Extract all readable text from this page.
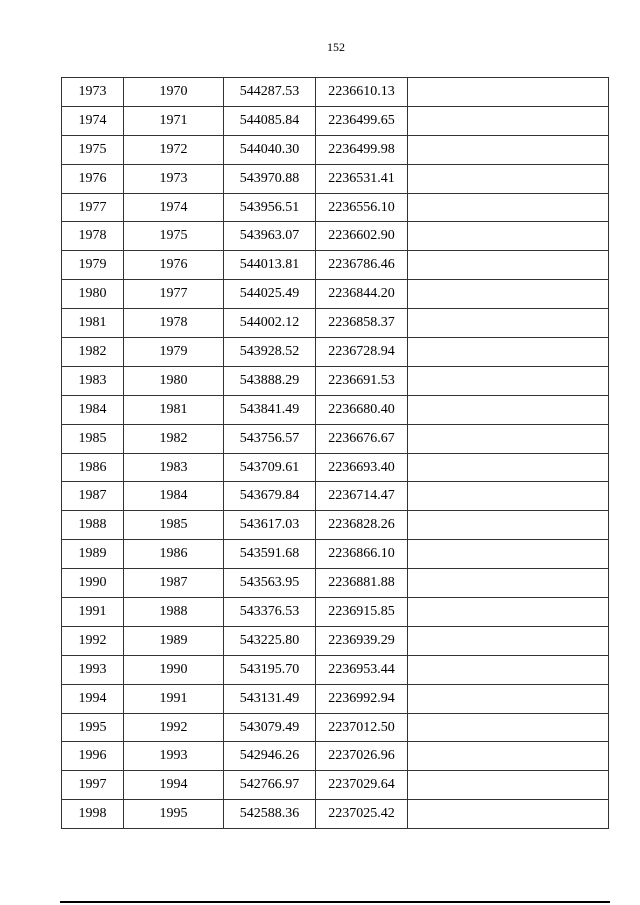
152
1973	1970	544287.53	2236610.13	
1974	1971	544085.84	2236499.65	
1975	1972	544040.30	2236499.98	
1976	1973	543970.88	2236531.41	
1977	1974	543956.51	2236556.10	
1978	1975	543963.07	2236602.90	
1979	1976	544013.81	2236786.46	
1980	1977	544025.49	2236844.20	
1981	1978	544002.12	2236858.37	
1982	1979	543928.52	2236728.94	
1983	1980	543888.29	2236691.53	
1984	1981	543841.49	2236680.40	
1985	1982	543756.57	2236676.67	
1986	1983	543709.61	2236693.40	
1987	1984	543679.84	2236714.47	
1988	1985	543617.03	2236828.26	
1989	1986	543591.68	2236866.10	
1990	1987	543563.95	2236881.88	
1991	1988	543376.53	2236915.85	
1992	1989	543225.80	2236939.29	
1993	1990	543195.70	2236953.44	
1994	1991	543131.49	2236992.94	
1995	1992	543079.49	2237012.50	
1996	1993	542946.26	2237026.96	
1997	1994	542766.97	2237029.64	
1998	1995	542588.36	2237025.42	
